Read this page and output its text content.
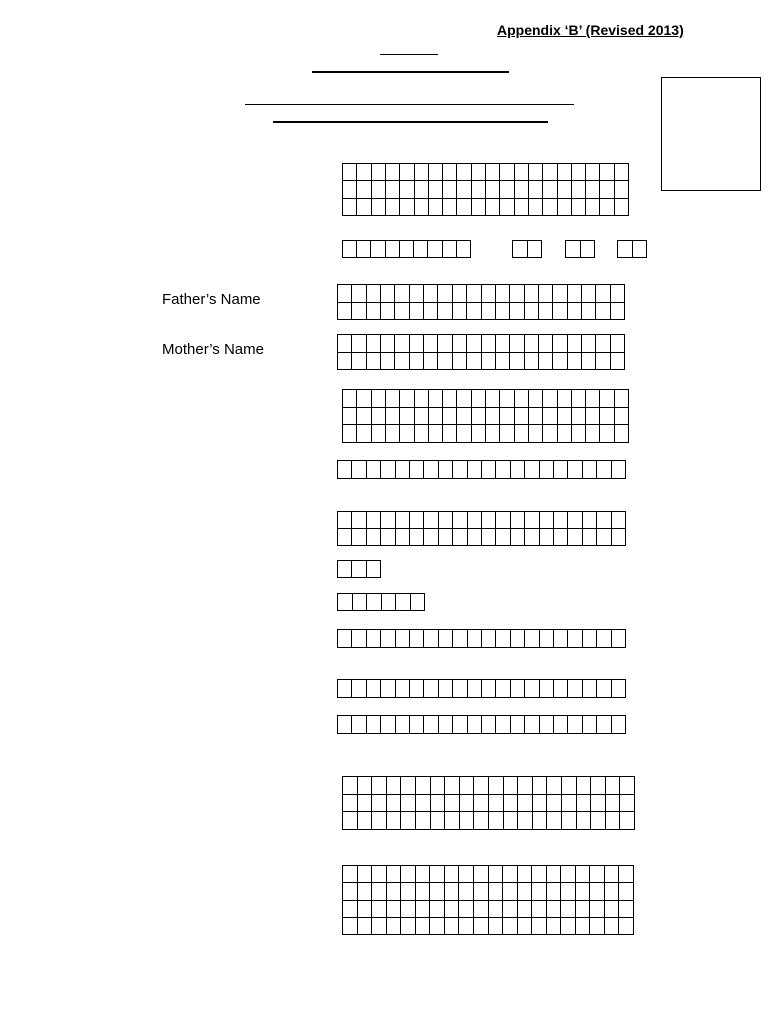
Appendix ‘B’ (Revised 2013)
Father’s Name
Mother’s Name
